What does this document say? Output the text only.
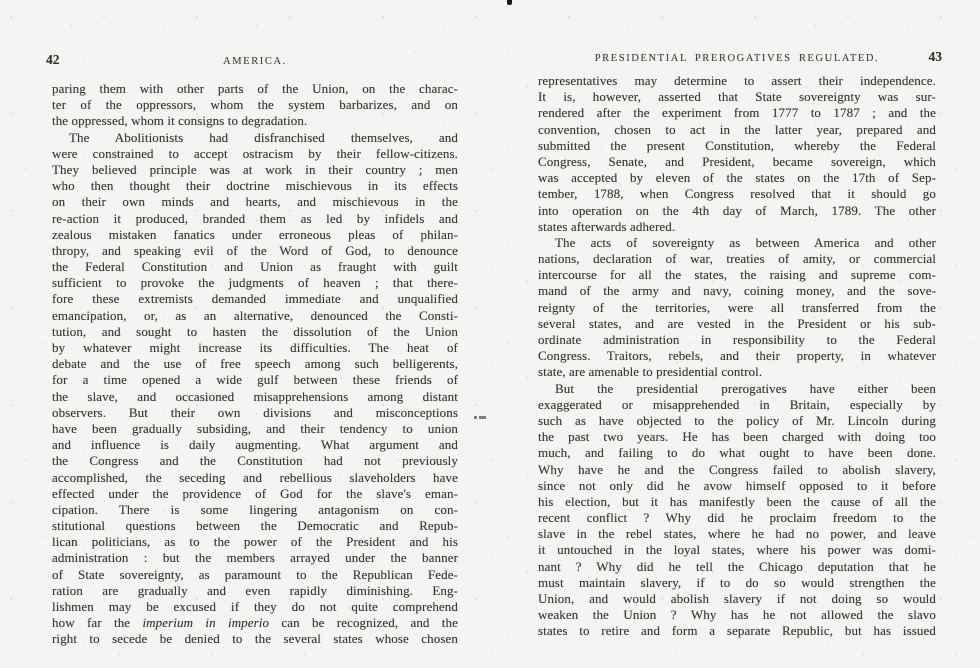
42	AMERICA.
paring them with other parts of the Union, on the charac-
ter of the oppressors, whom the system barbarizes, and on
the oppressed, whom it consigns to degradation.
The Abolitionists had disfranchised themselves, and
were constrained to accept ostracism by their fellow-citizens.
They believed principle was at work in their country ; men
who then thought their doctrine mischievous in its effects
on their own minds and hearts, and mischievous in the
re-action it produced, branded them as led by infidels and
zealous mistaken fanatics under erroneous pleas of philan-
thropy, and speaking evil of the Word of God, to denounce
the Federal Constitution and Union as fraught with guilt
sufficient to provoke the judgments of heaven ; that there-
fore these extremists demanded immediate and unqualified
emancipation, or, as an alternative, denounced the Consti-
tution, and sought to hasten the dissolution of the Union
by whatever might increase its difficulties. The heat of
debate and the use of free speech among such belligerents,
for a time opened a wide gulf between these friends of
the slave, and occasioned misapprehensions among distant
observers. But their own divisions and misconceptions
have been gradually subsiding, and their tendency to union
and influence is daily augmenting. What argument and
the Congress and the Constitution had not previously
accomplished, the seceding and rebellious slaveholders have
effected under the providence of God for the slave's eman-
cipation. There is some lingering antagonism on con-
stitutional questions between the Democratic and Repub-
lican politicians, as to the power of the President and his
administration : but the members arrayed under the banner
of State sovereignty, as paramount to the Republican Fede-
ration are gradually and even rapidly diminishing. Eng-
lishmen may be excused if they do not quite comprehend
how far the imperium in imperio can be recognized, and the
right to secede be denied to the several states whose chosen
PRESIDENTIAL PREROGATIVES REGULATED.	43
representatives may determine to assert their independence.
It is, however, asserted that State sovereignty was sur-
rendered after the experiment from 1777 to 1787 ; and the
convention, chosen to act in the latter year, prepared and
submitted the present Constitution, whereby the Federal
Congress, Senate, and President, became sovereign, which
was accepted by eleven of the states on the 17th of Sep-
tember, 1788, when Congress resolved that it should go
into operation on the 4th day of March, 1789. The other
states afterwards adhered.
The acts of sovereignty as between America and other
nations, declaration of war, treaties of amity, or commercial
intercourse for all the states, the raising and supreme com-
mand of the army and navy, coining money, and the sove-
reignty of the territories, were all transferred from the
several states, and are vested in the President or his sub-
ordinate administration in responsibility to the Federal
Congress. Traitors, rebels, and their property, in whatever
state, are amenable to presidential control.
But the presidential prerogatives have either been
exaggerated or misapprehended in Britain, especially by
such as have objected to the policy of Mr. Lincoln during
the past two years. He has been charged with doing too
much, and failing to do what ought to have been done.
Why have he and the Congress failed to abolish slavery,
since not only did he avow himself opposed to it before
his election, but it has manifestly been the cause of all the
recent conflict ? Why did he proclaim freedom to the
slave in the rebel states, where he had no power, and leave
it untouched in the loyal states, where his power was domi-
nant ? Why did he tell the Chicago deputation that he
must maintain slavery, if to do so would strengthen the
Union, and would abolish slavery if not doing so would
weaken the Union ? Why has he not allowed the slavo
states to retire and form a separate Republic, but has issued
